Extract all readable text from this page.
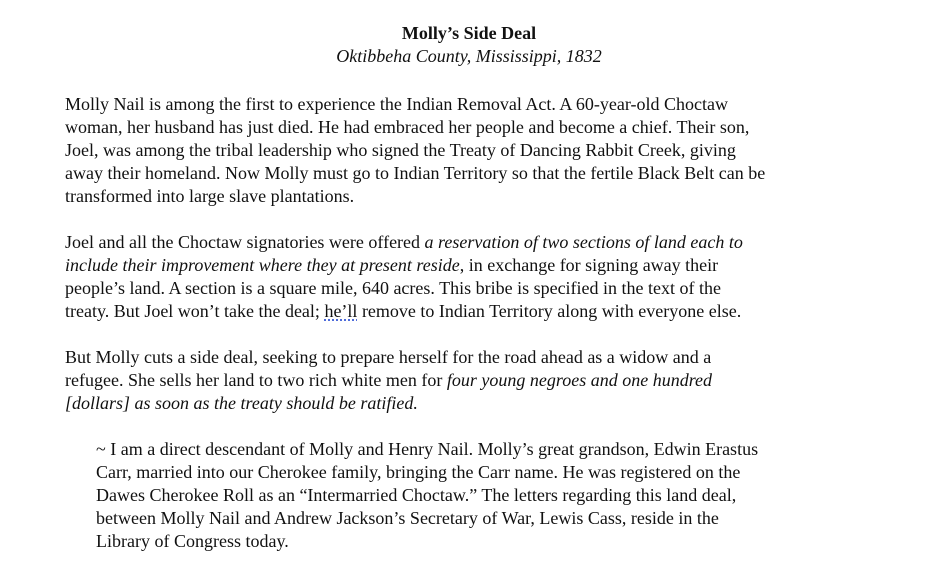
Molly’s Side Deal
Oktibbeha County, Mississippi, 1832
Molly Nail is among the first to experience the Indian Removal Act. A 60-year-old Choctaw
woman, her husband has just died. He had embraced her people and become a chief. Their son,
Joel, was among the tribal leadership who signed the Treaty of Dancing Rabbit Creek, giving
away their homeland. Now Molly must go to Indian Territory so that the fertile Black Belt can be
transformed into large slave plantations.
Joel and all the Choctaw signatories were offered a reservation of two sections of land each to
include their improvement where they at present reside, in exchange for signing away their
people’s land. A section is a square mile, 640 acres. This bribe is specified in the text of the
treaty. But Joel won’t take the deal; he’ll remove to Indian Territory along with everyone else.
But Molly cuts a side deal, seeking to prepare herself for the road ahead as a widow and a
refugee. She sells her land to two rich white men for four young negroes and one hundred
[dollars] as soon as the treaty should be ratified.
~ I am a direct descendant of Molly and Henry Nail. Molly’s great grandson, Edwin Erastus
Carr, married into our Cherokee family, bringing the Carr name. He was registered on the
Dawes Cherokee Roll as an “Intermarried Choctaw.” The letters regarding this land deal,
between Molly Nail and Andrew Jackson’s Secretary of War, Lewis Cass, reside in the
Library of Congress today.
